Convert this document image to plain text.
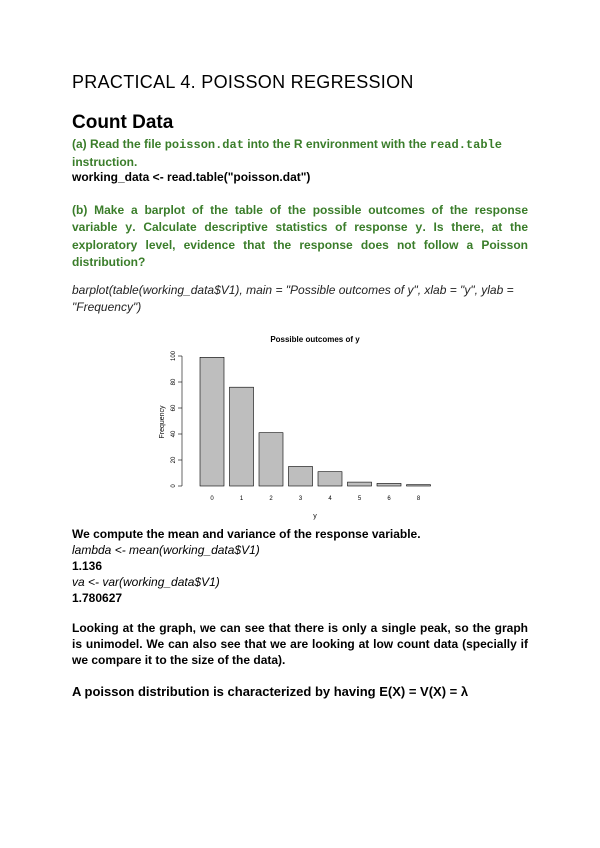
PRACTICAL 4. POISSON REGRESSION
Count Data
(a) Read the file poisson.dat into the R environment with the read.table
instruction.
working_data <- read.table("poisson.dat")
(b) Make a barplot of the table of the possible outcomes of the response variable y. Calculate descriptive statistics of response y. Is there, at the exploratory level, evidence that the response does not follow a Poisson distribution?
barplot(table(working_data$V1), main = "Possible outcomes of y", xlab = "y", ylab = "Frequency")
Possible outcomes of y
Frequency
y
0
20
40
60
80
100
0	1	2	3	4	5	6	8
We compute the mean and variance of the response variable.
lambda <- mean(working_data$V1)
1.136
va <- var(working_data$V1)
1.780627
Looking at the graph, we can see that there is only a single peak, so the graph is unimodel. We can also see that we are looking at low count data (specially if we compare it to the size of the data).
A poisson distribution is characterized by having E(X) = V(X) = λ
